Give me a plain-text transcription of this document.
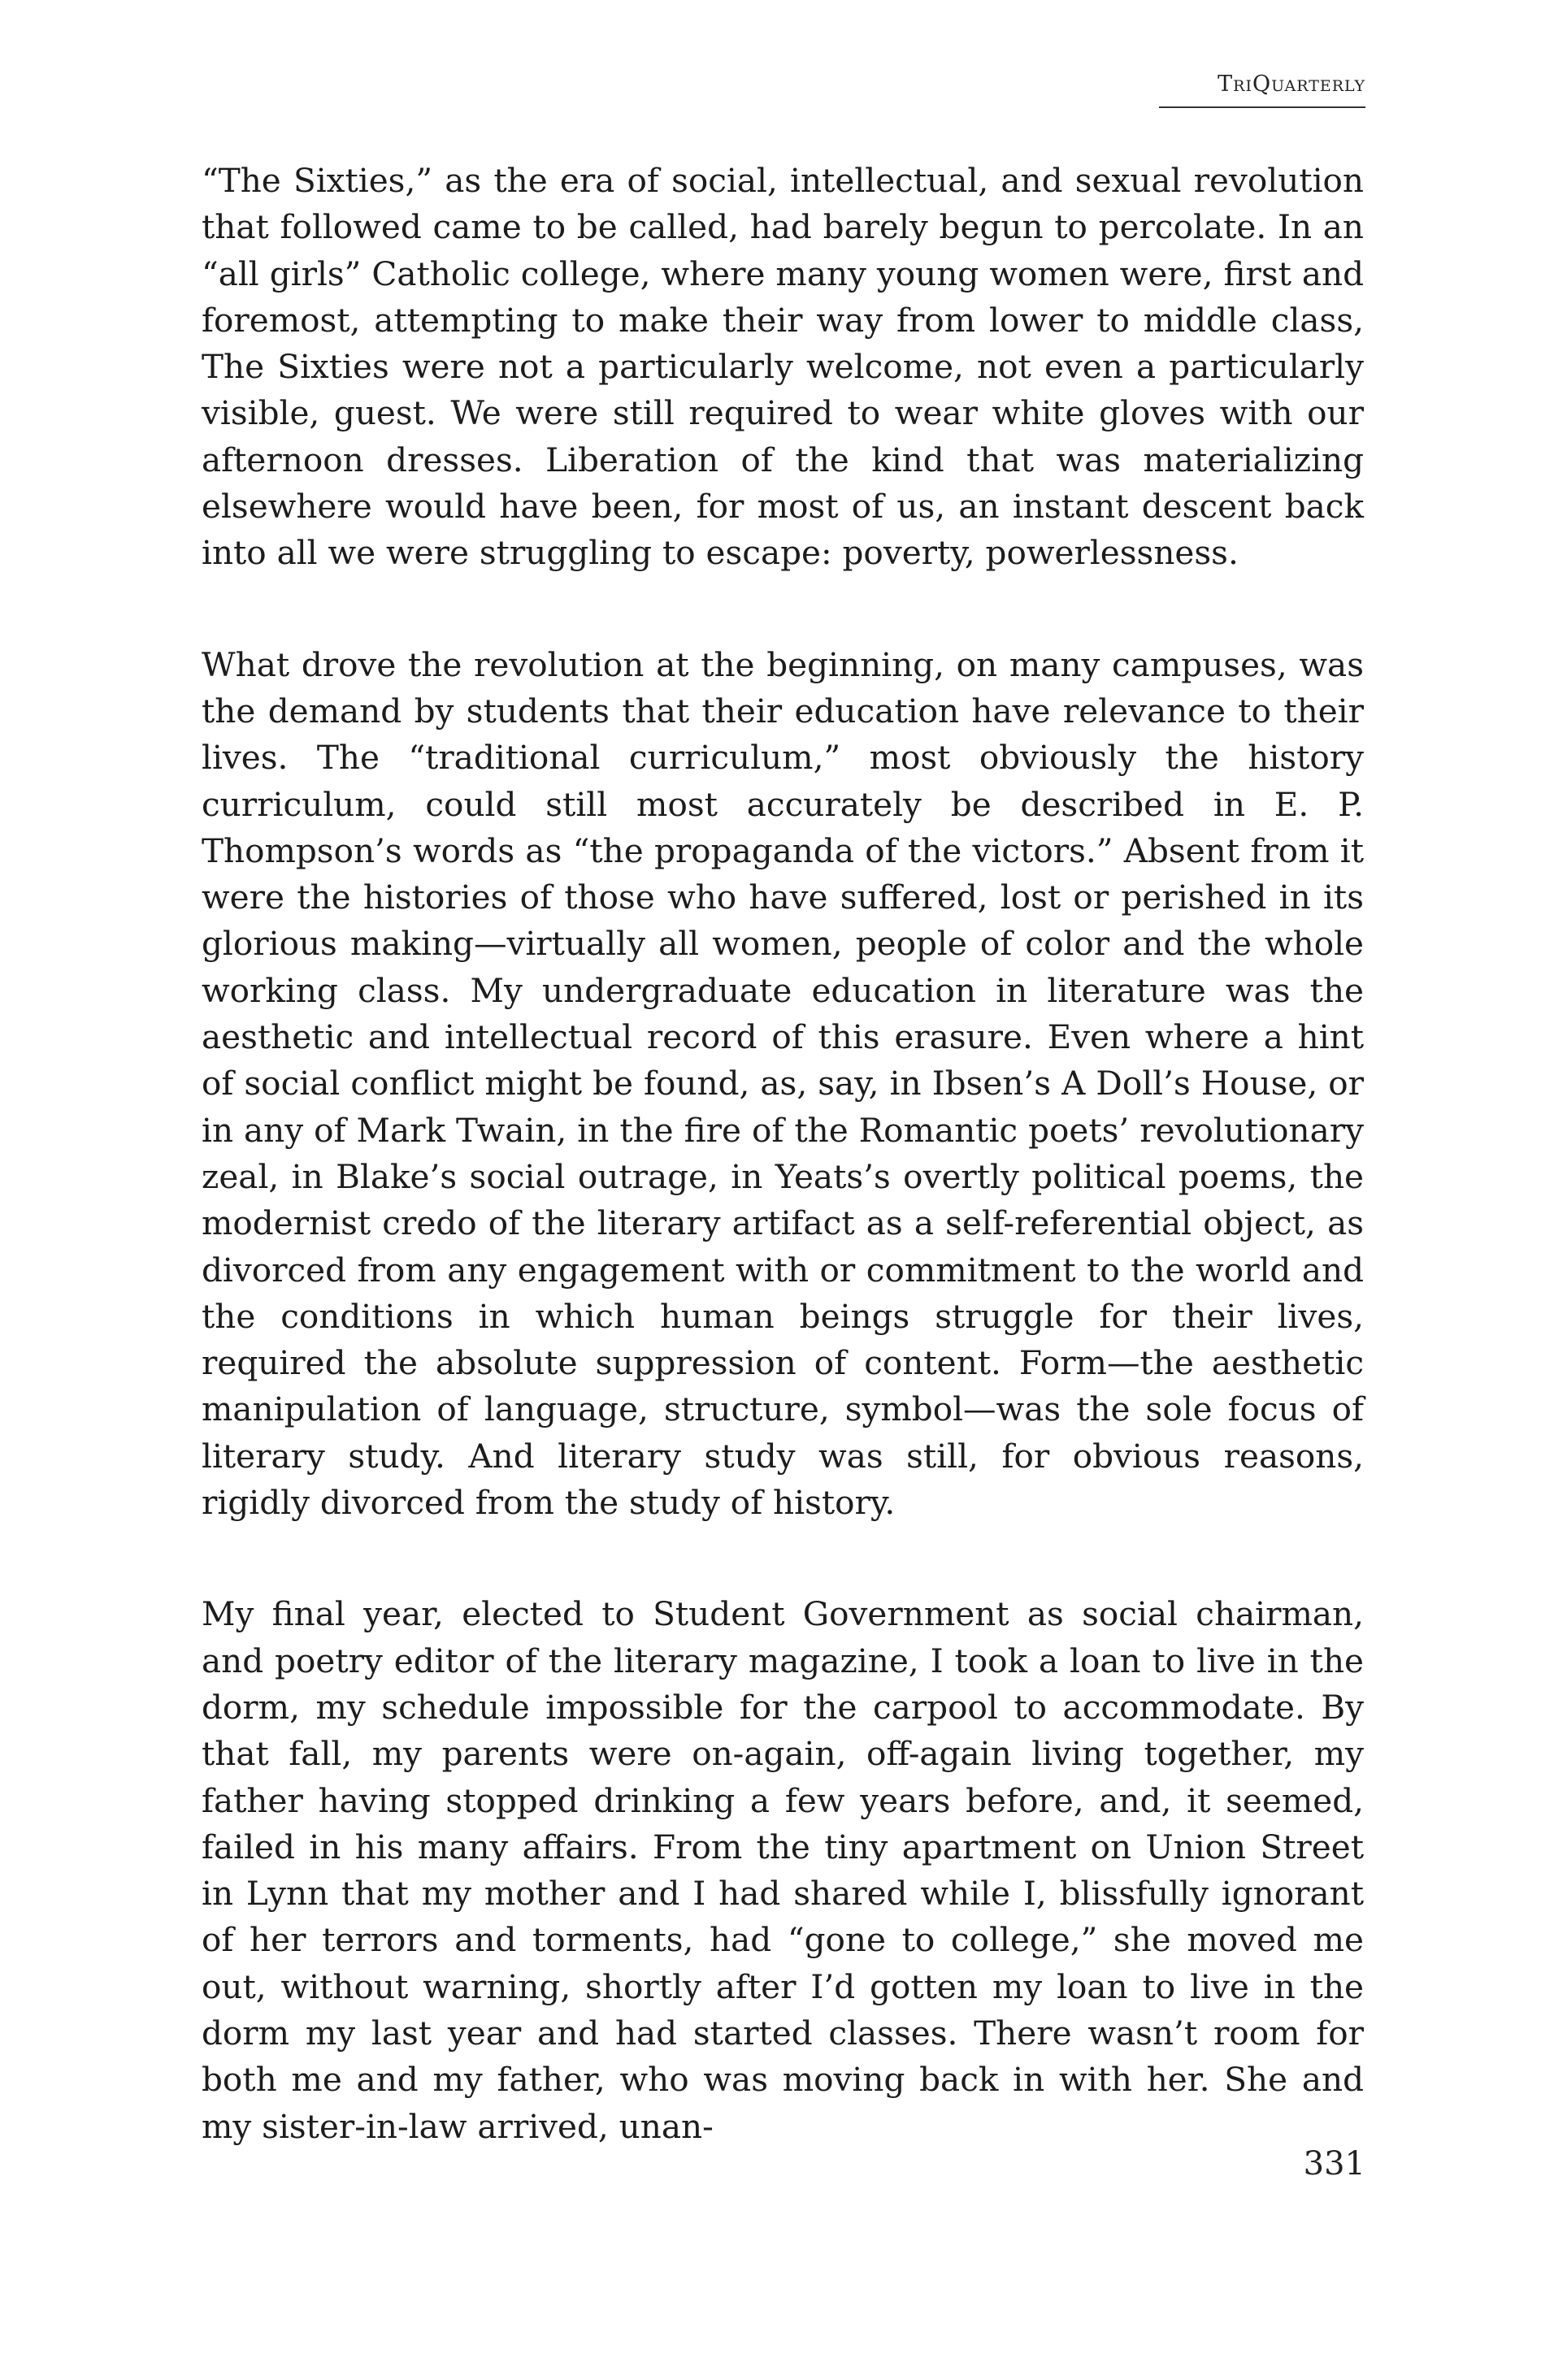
TriQuarterly

“The Sixties,” as the era of social, intellectual, and sexual revolution that followed came to be called, had barely begun to percolate. In an “all girls” Catholic college, where many young women were, first and foremost, attempting to make their way from lower to middle class, The Sixties were not a particularly welcome, not even a particularly visible, guest. We were still required to wear white gloves with our afternoon dresses. Liberation of the kind that was materializing elsewhere would have been, for most of us, an instant descent back into all we were struggling to escape: poverty, powerlessness.

What drove the revolution at the beginning, on many campuses, was the demand by students that their education have relevance to their lives. The “traditional curriculum,” most obviously the history curriculum, could still most accurately be described in E. P. Thompson’s words as “the propaganda of the victors.” Absent from it were the histories of those who have suffered, lost or perished in its glorious making—virtually all women, people of color and the whole working class. My undergraduate education in literature was the aesthetic and intellectual record of this erasure. Even where a hint of social conflict might be found, as, say, in Ibsen’s A Doll’s House, or in any of Mark Twain, in the fire of the Romantic poets’ revolutionary zeal, in Blake’s social outrage, in Yeats’s overtly political poems, the modernist credo of the literary artifact as a self-referential object, as divorced from any engagement with or commitment to the world and the conditions in which human beings struggle for their lives, required the absolute suppression of content. Form—the aesthetic manipulation of language, structure, symbol—was the sole focus of literary study. And literary study was still, for obvious reasons, rigidly divorced from the study of history.

My final year, elected to Student Government as social chairman, and poetry editor of the literary magazine, I took a loan to live in the dorm, my schedule impossible for the carpool to accommodate. By that fall, my parents were on-again, off-again living together, my father having stopped drinking a few years before, and, it seemed, failed in his many affairs. From the tiny apartment on Union Street in Lynn that my mother and I had shared while I, blissfully ignorant of her terrors and torments, had “gone to college,” she moved me out, without warning, shortly after I’d gotten my loan to live in the dorm my last year and had started classes. There wasn’t room for both me and my father, who was moving back in with her. She and my sister-in-law arrived, unan-

331
